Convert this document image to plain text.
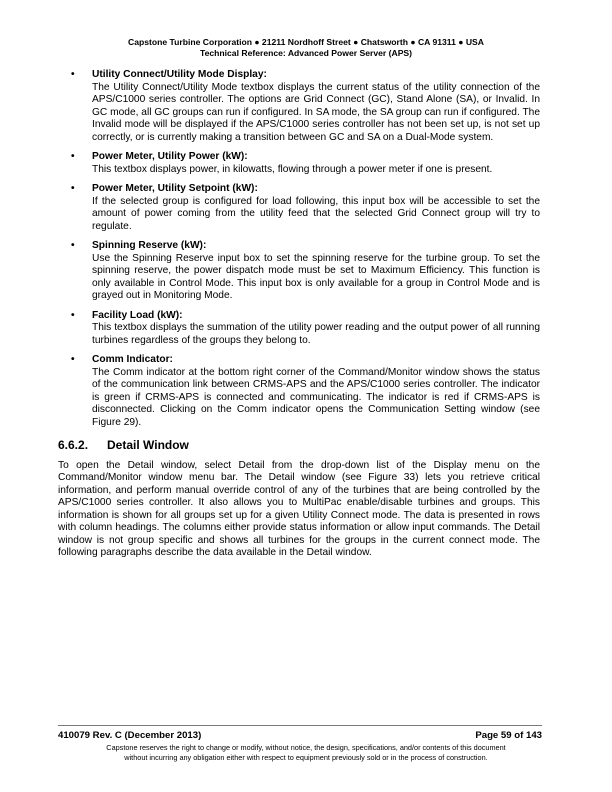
Capstone Turbine Corporation ● 21211 Nordhoff Street ● Chatsworth ● CA 91311 ● USA
Technical Reference: Advanced Power Server (APS)
• Utility Connect/Utility Mode Display:
The Utility Connect/Utility Mode textbox displays the current status of the utility connection of the APS/C1000 series controller. The options are Grid Connect (GC), Stand Alone (SA), or Invalid. In GC mode, all GC groups can run if configured. In SA mode, the SA group can run if configured. The Invalid mode will be displayed if the APS/C1000 series controller has not been set up, is not set up correctly, or is currently making a transition between GC and SA on a Dual-Mode system.
• Power Meter, Utility Power (kW):
This textbox displays power, in kilowatts, flowing through a power meter if one is present.
• Power Meter, Utility Setpoint (kW):
If the selected group is configured for load following, this input box will be accessible to set the amount of power coming from the utility feed that the selected Grid Connect group will try to regulate.
• Spinning Reserve (kW):
Use the Spinning Reserve input box to set the spinning reserve for the turbine group. To set the spinning reserve, the power dispatch mode must be set to Maximum Efficiency. This function is only available in Control Mode. This input box is only available for a group in Control Mode and is grayed out in Monitoring Mode.
• Facility Load (kW):
This textbox displays the summation of the utility power reading and the output power of all running turbines regardless of the groups they belong to.
• Comm Indicator:
The Comm indicator at the bottom right corner of the Command/Monitor window shows the status of the communication link between CRMS-APS and the APS/C1000 series controller. The indicator is green if CRMS-APS is connected and communicating. The indicator is red if CRMS-APS is disconnected. Clicking on the Comm indicator opens the Communication Setting window (see Figure 29).
6.6.2.	Detail Window
To open the Detail window, select Detail from the drop-down list of the Display menu on the Command/Monitor window menu bar. The Detail window (see Figure 33) lets you retrieve critical information, and perform manual override control of any of the turbines that are being controlled by the APS/C1000 series controller. It also allows you to MultiPac enable/disable turbines and groups. This information is shown for all groups set up for a given Utility Connect mode. The data is presented in rows with column headings. The columns either provide status information or allow input commands. The Detail window is not group specific and shows all turbines for the groups in the current connect mode. The following paragraphs describe the data available in the Detail window.
410079 Rev. C (December 2013)	Page 59 of 143
Capstone reserves the right to change or modify, without notice, the design, specifications, and/or contents of this document
without incurring any obligation either with respect to equipment previously sold or in the process of construction.
